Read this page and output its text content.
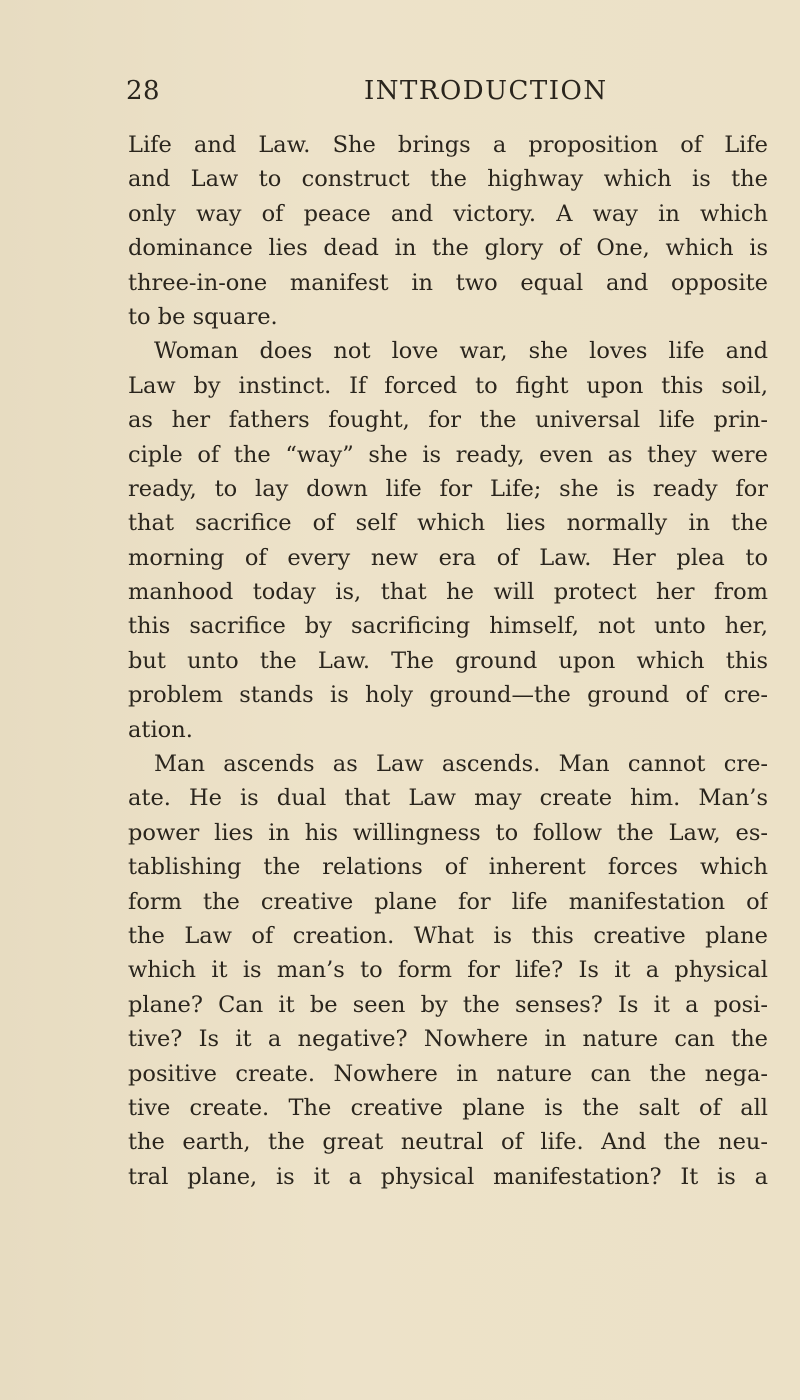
28	INTRODUCTION
Life and Law. She brings a proposition of Life
and Law to construct the highway which is the
only way of peace and victory. A way in which
dominance lies dead in the glory of One, which is
three-in-one manifest in two equal and opposite
to be square.
Woman does not love war, she loves life and
Law by instinct. If forced to fight upon this soil,
as her fathers fought, for the universal life prin-
ciple of the “way” she is ready, even as they were
ready, to lay down life for Life; she is ready for
that sacrifice of self which lies normally in the
morning of every new era of Law. Her plea to
manhood today is, that he will protect her from
this sacrifice by sacrificing himself, not unto her,
but unto the Law. The ground upon which this
problem stands is holy ground—the ground of cre-
ation.
Man ascends as Law ascends. Man cannot cre-
ate. He is dual that Law may create him. Man’s
power lies in his willingness to follow the Law, es-
tablishing the relations of inherent forces which
form the creative plane for life manifestation of
the Law of creation. What is this creative plane
which it is man’s to form for life? Is it a physical
plane? Can it be seen by the senses? Is it a posi-
tive? Is it a negative? Nowhere in nature can the
positive create. Nowhere in nature can the nega-
tive create. The creative plane is the salt of all
the earth, the great neutral of life. And the neu-
tral plane, is it a physical manifestation? It is a
